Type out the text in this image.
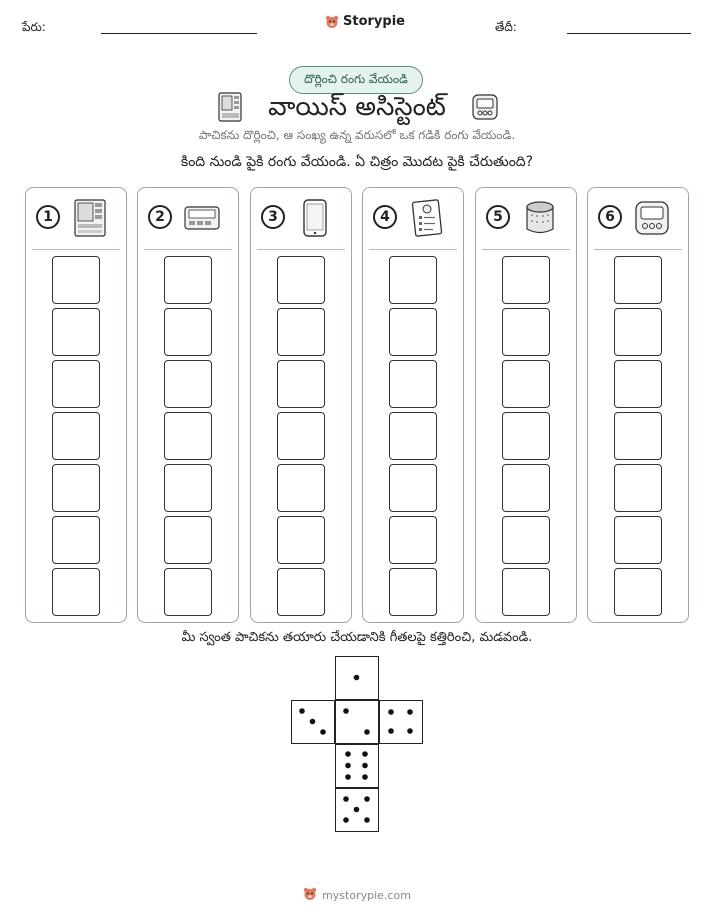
పేరు:	Storypie	తేదీ:
దొర్లించి రంగు వేయండి
వాయిస్ అసిస్టెంట్
పాచికను దొర్లించి, ఆ సంఖ్య ఉన్న వరుసలో ఒక గడికి రంగు వేయండి.
కింది నుండి పైకి రంగు వేయండి. ఏ చిత్రం మొదట పైకి చేరుతుంది?
1	2	3	4	5	6
మీ స్వంత పాచికను తయారు చేయడానికి గీతలపై కత్తిరించి, మడవండి.
mystorypie.com
